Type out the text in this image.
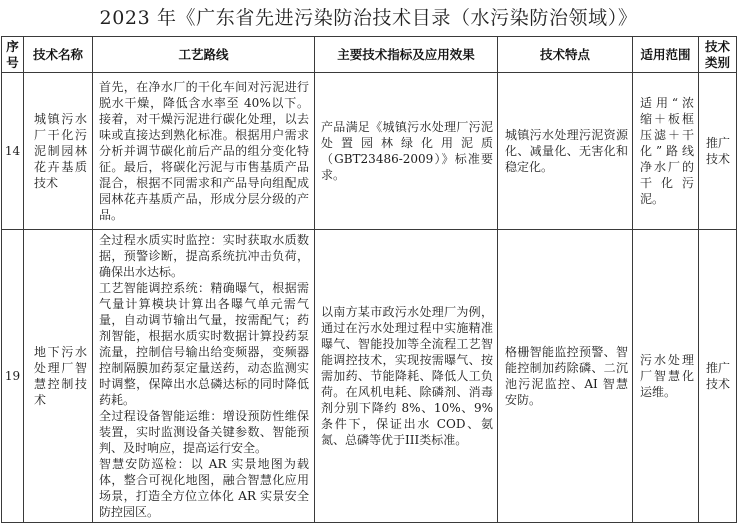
2023 年《广东省先进污染防治技术目录（水污染防治领域）》
序号	技术名称	工艺路线	主要技术指标及应用效果	技术特点	适用范围	技术类别
14	城镇污水厂干化污泥制园林花卉基质技术	首先，在净水厂的干化车间对污泥进行脱水干燥，降低含水率至 40%以下。接着，对干燥污泥进行碳化处理，以去味或直接达到熟化标准。根据用户需求分析并调节碳化前后产品的组分变化特征。最后，将碳化污泥与市售基质产品混合，根据不同需求和产品导向组配成园林花卉基质产品，形成分层分级的产品。	产品满足《城镇污水处理厂污泥处置园林绿化用泥质（GBT23486-2009）》标准要求。	城镇污水处理污泥资源化、减量化、无害化和稳定化。	适用“浓缩＋板框压滤＋干化”路线净水厂的干化污泥。	推广技术
19	地下污水处理厂智慧控制技术	全过程水质实时监控：实时获取水质数据，预警诊断，提高系统抗冲击负荷，确保出水达标。
工艺智能调控系统：精确曝气，根据需气量计算模块计算出各曝气单元需气量，自动调节输出气量，按需配气；药剂智能，根据水质实时数据计算投药泵流量，控制信号输出给变频器，变频器控制隔膜加药泵定量送药，动态监测实时调整，保障出水总磷达标的同时降低药耗。
全过程设备智能运维：增设预防性维保装置，实时监测设备关键参数、智能预判、及时响应，提高运行安全。
智慧安防巡检：以 AR 实景地图为载体，整合可视化地图，融合智慧化应用场景，打造全方位立体化 AR 实景安全防控园区。	以南方某市政污水处理厂为例，通过在污水处理过程中实施精准曝气、智能投加等全流程工艺智能调控技术，实现按需曝气、按需加药、节能降耗、降低人工负荷。在风机电耗、除磷剂、消毒剂分别下降约 8%、10%、9%条件下，保证出水 COD、氨氮、总磷等优于III类标准。	格栅智能监控预警、智能控制加药除磷、二沉池污泥监控、AI 智慧安防。	污水处理厂智慧化运维。	推广技术
